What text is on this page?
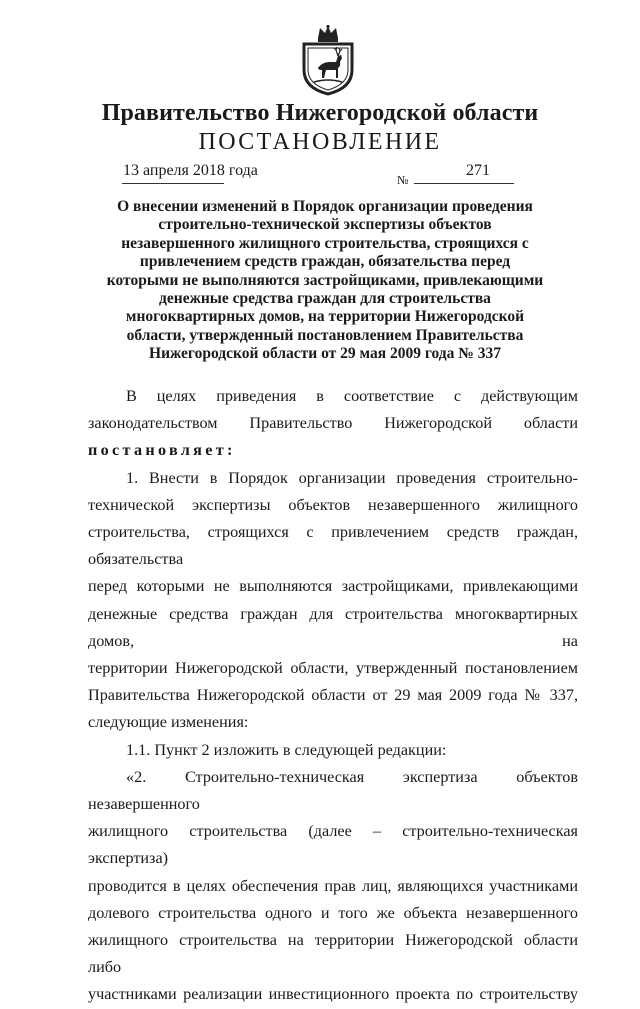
Правительство Нижегородской области
ПОСТАНОВЛЕНИЕ
13 апреля 2018 года
№
271
О внесении изменений в Порядок организации проведения
строительно-технической экспертизы объектов
незавершенного жилищного строительства, строящихся с
привлечением средств граждан, обязательства перед
которыми не выполняются застройщиками, привлекающими
денежные средства граждан для строительства
многоквартирных домов, на территории Нижегородской
области, утвержденный постановлением Правительства
Нижегородской области от 29 мая 2009 года № 337

В целях приведения в соответствие с действующим

законодательством Правительство Нижегородской области

постановляет:

1. Внести в Порядок организации проведения строительно-

технической экспертизы объектов незавершенного жилищного

строительства, строящихся с привлечением средств граждан, обязательства

перед которыми не выполняются застройщиками, привлекающими

денежные средства граждан для строительства многоквартирных домов, на

территории Нижегородской области, утвержденный постановлением

Правительства Нижегородской области от 29 мая 2009 года № 337,

следующие изменения:

1.1. Пункт 2 изложить в следующей редакции:

«2. Строительно-техническая экспертиза объектов незавершенного

жилищного строительства (далее – строительно-техническая экспертиза)

проводится в целях обеспечения прав лиц, являющихся участниками

долевого строительства одного и того же объекта незавершенного

жилищного строительства на территории Нижегородской области либо

участниками реализации инвестиционного проекта по строительству
